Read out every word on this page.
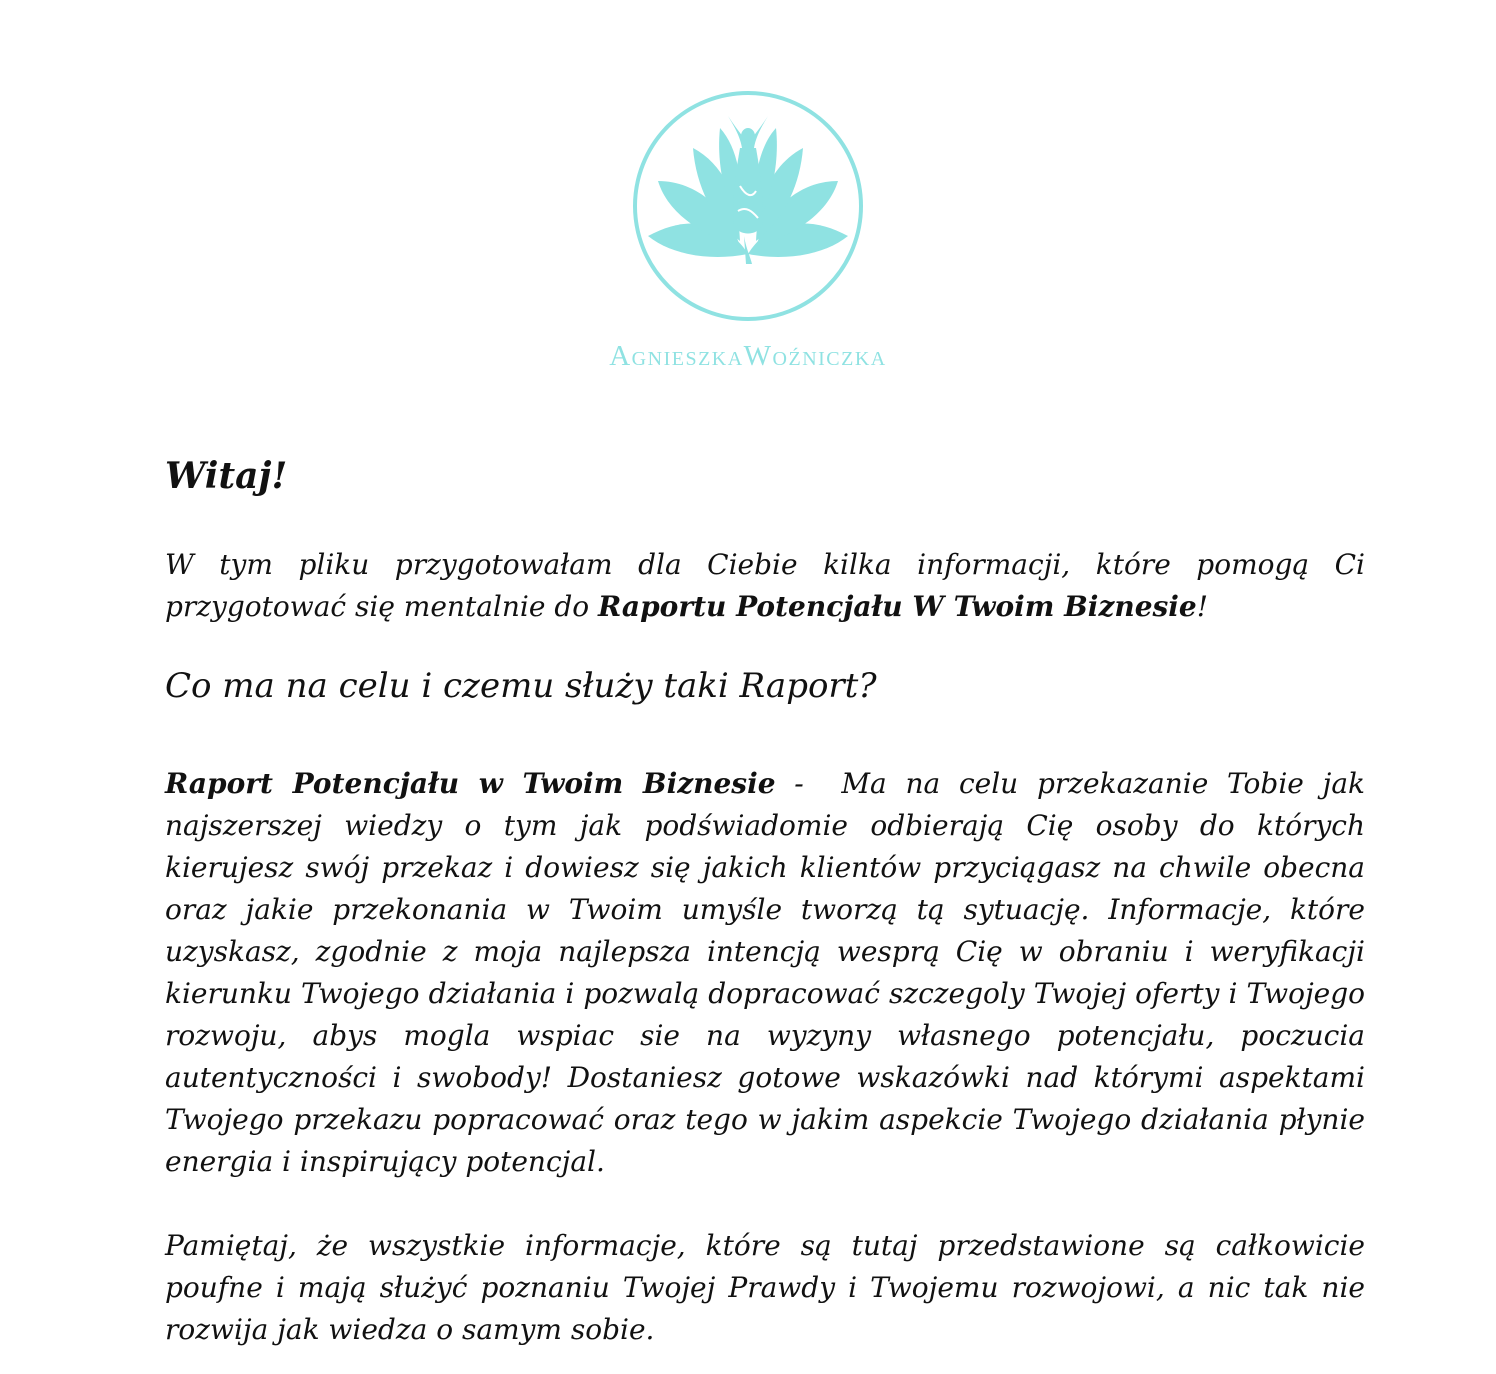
AgnieszkaWoźniczka
Witaj!

W tym pliku przygotowałam dla Ciebie kilka informacji, które pomogą Ci przygotować się mentalnie do Raportu Potencjału W Twoim Biznesie!

Co ma na celu i czemu służy taki Raport?

Raport Potencjału w Twoim Biznesie -  Ma na celu przekazanie Tobie jak najszerszej wiedzy o tym jak podświadomie odbierają Cię osoby do których kierujesz swój przekaz i dowiesz się jakich klientów przyciągasz na chwile obecna oraz jakie przekonania w Twoim umyśle tworzą tą sytuację. Informacje, które uzyskasz, zgodnie z moja najlepsza intencją wesprą Cię w obraniu i weryfikacji kierunku Twojego działania i pozwalą dopracować szczegoly Twojej oferty i Twojego rozwoju, abys mogla wspiac sie na wyzyny własnego potencjału, poczucia autentyczności i swobody! Dostaniesz gotowe wskazówki nad którymi aspektami Twojego przekazu popracować oraz tego w jakim aspekcie Twojego działania płynie energia i inspirujący potencjal.

Pamiętaj, że wszystkie informacje, które są tutaj przedstawione są całkowicie poufne i mają służyć poznaniu Twojej Prawdy i Twojemu rozwojowi, a nic tak nie rozwija jak wiedza o samym sobie.
